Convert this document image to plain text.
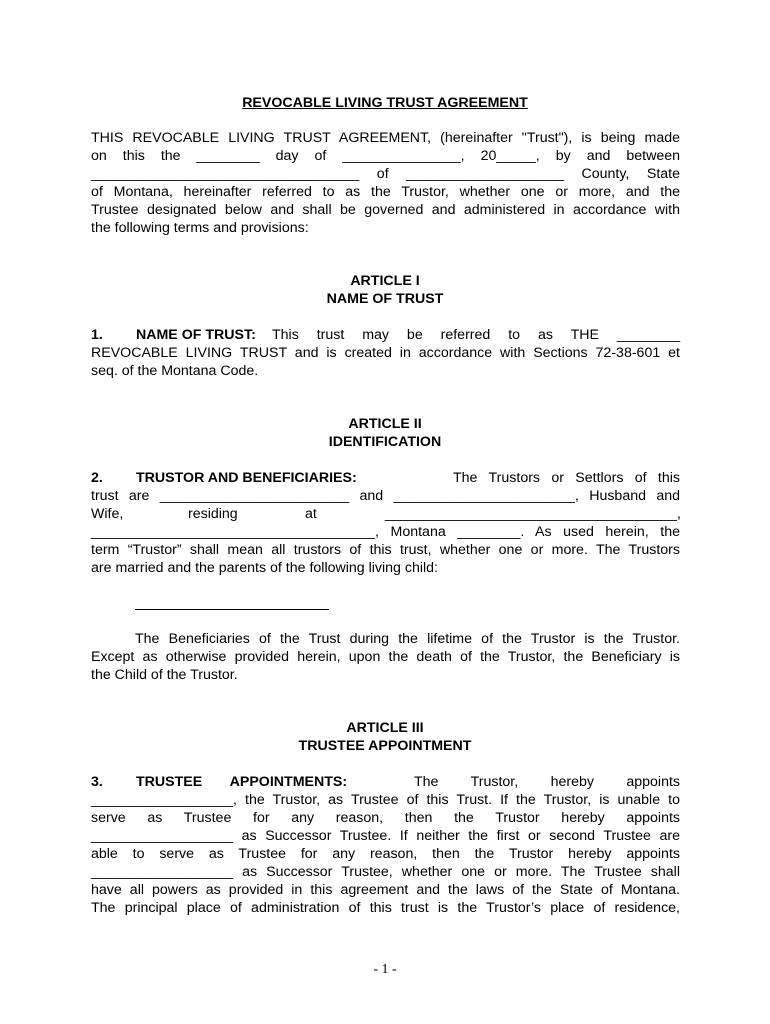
REVOCABLE LIVING TRUST AGREEMENT
THIS REVOCABLE LIVING TRUST AGREEMENT, (hereinafter "Trust"), is being made
on this the ________ day of _______________, 20_____, by and between
__________________________________ of ____________________ County, State
of Montana, hereinafter referred to as the Trustor, whether one or more, and the
Trustee designated below and shall be governed and administered in accordance with
the following terms and provisions:
ARTICLE I
NAME OF TRUST
1. NAME OF TRUST:	This trust may be referred to as THE ________
REVOCABLE LIVING TRUST and is created in accordance with Sections 72-38-601 et
seq. of the Montana Code.
ARTICLE II
IDENTIFICATION
2. TRUSTOR AND BENEFICIARIES:	The Trustors or Settlors of this
trust are ________________________ and _______________________, Husband and
Wife,	residing	at	_____________________________________,
____________________________________, Montana ________. As used herein, the
term “Trustor” shall mean all trustors of this trust, whether one or more. The Trustors
are married and the parents of the following living child:
The Beneficiaries of the Trust during the lifetime of the Trustor is the Trustor.
Except as otherwise provided herein, upon the death of the Trustor, the Beneficiary is
the Child of the Trustor.
ARTICLE III
TRUSTEE APPOINTMENT
3. TRUSTEE APPOINTMENTS:	The Trustor, hereby appoints
__________________, the Trustor, as Trustee of this Trust. If the Trustor, is unable to
serve as Trustee for any reason, then the Trustor hereby appoints
__________________ as Successor Trustee. If neither the first or second Trustee are
able to serve as Trustee for any reason, then the Trustor hereby appoints
__________________ as Successor Trustee, whether one or more. The Trustee shall
have all powers as provided in this agreement and the laws of the State of Montana.
The principal place of administration of this trust is the Trustor’s place of residence,
- 1 -
